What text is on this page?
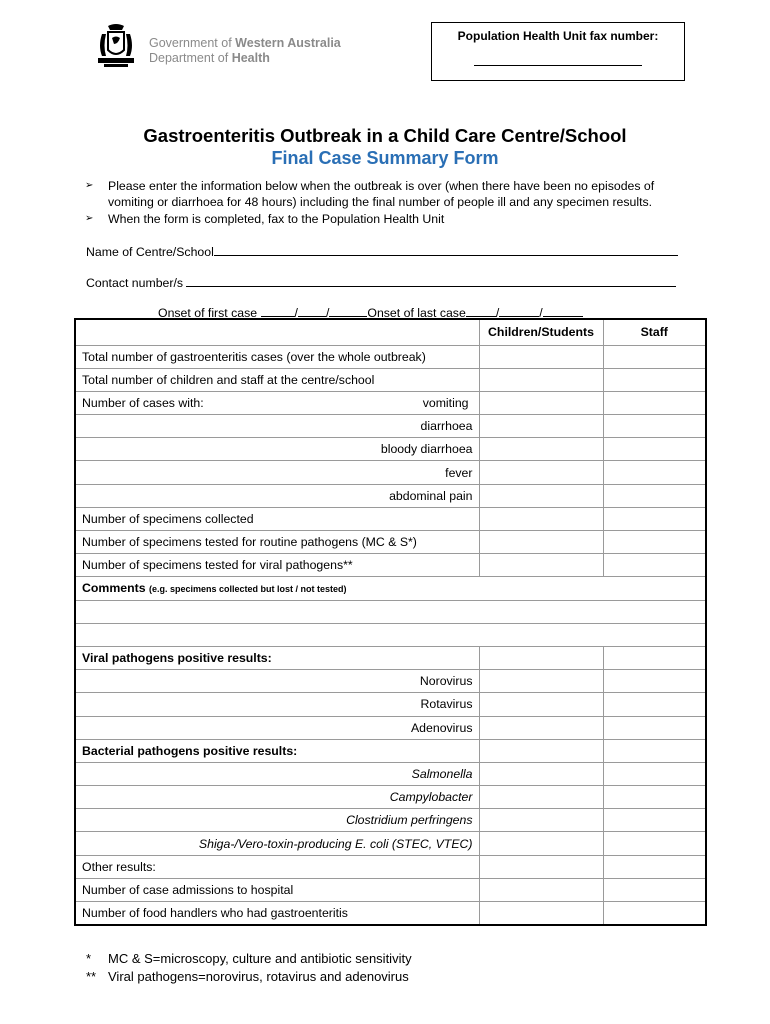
Government of Western Australia
Department of Health
Population Health Unit fax number:
Gastroenteritis Outbreak in a Child Care Centre/School
Final Case Summary Form
➢ Please enter the information below when the outbreak is over (when there have been no episodes of vomiting or diarrhoea for 48 hours) including the final number of people ill and any specimen results.
➢ When the form is completed, fax to the Population Health Unit
Name of Centre/School
Contact number/s
Onset of first case	/ /	Onset of last case /	/
	Children/Students	Staff
Total number of gastroenteritis cases (over the whole outbreak)		
Total number of children and staff at the centre/school		
Number of cases with: vomiting		

diarrhoea		
bloody diarrhoea		
fever		
abdominal pain		
Number of specimens collected		
Number of specimens tested for routine pathogens (MC & S*)		
Number of specimens tested for viral pathogens**		
Comments (e.g. specimens collected but lost / not tested)		

Viral pathogens positive results:		
Norovirus		
Rotavirus		
Adenovirus		
Bacterial pathogens positive results:		
Salmonella		
Campylobacter		
Clostridium perfringens		
Shiga-/Vero-toxin-producing E. coli (STEC, VTEC)		
Other results:		
Number of case admissions to hospital		
Number of food handlers who had gastroenteritis		
* MC & S=microscopy, culture and antibiotic sensitivity
** Viral pathogens=norovirus, rotavirus and adenovirus
